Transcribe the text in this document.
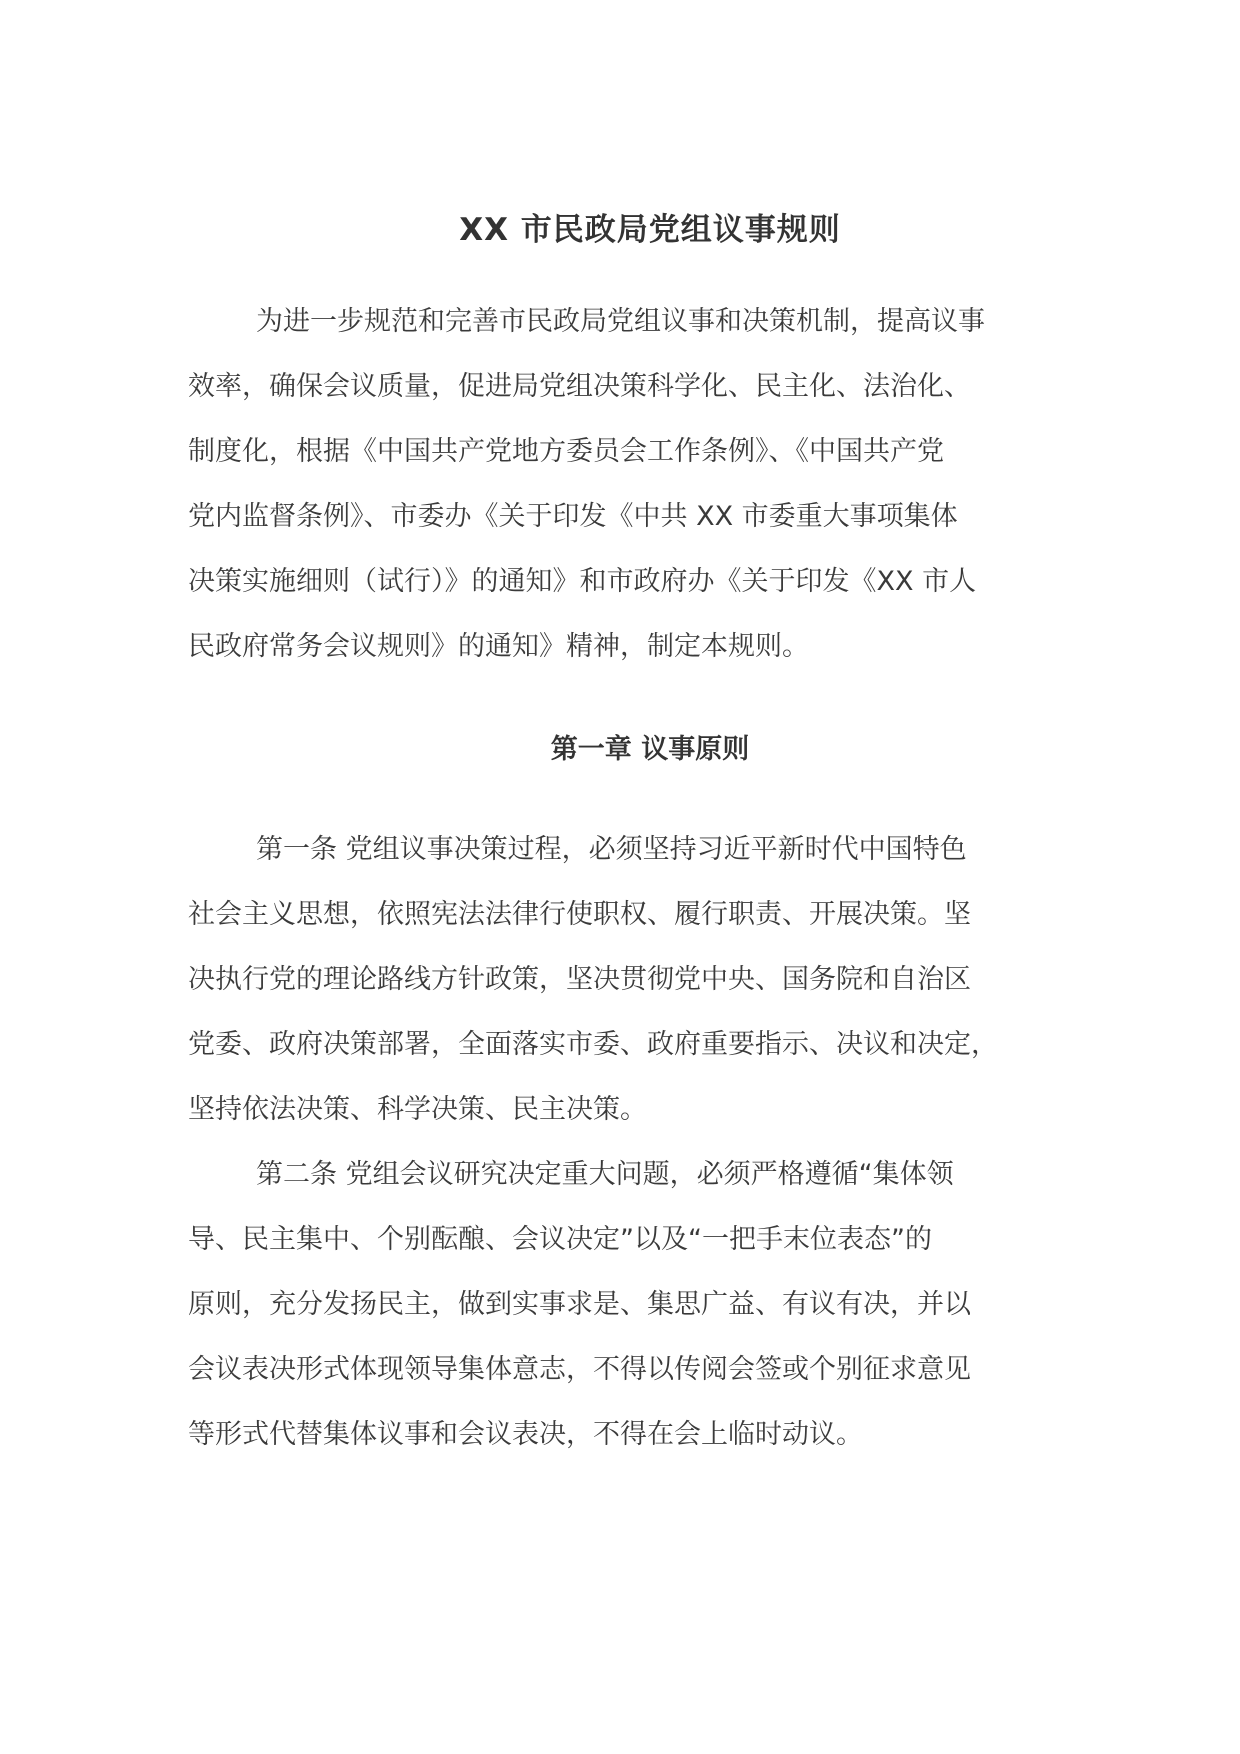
XX 市民政局党组议事规则
为进一步规范和完善市民政局党组议事和决策机制，提高议事
效率，确保会议质量，促进局党组决策科学化、民主化、法治化、
制度化，根据《中国共产党地方委员会工作条例》、《中国共产党
党内监督条例》、市委办《关于印发《中共 XX 市委重大事项集体
决策实施细则（试行）》的通知》和市政府办《关于印发《XX 市人
民政府常务会议规则》的通知》精神，制定本规则。
第一章 议事原则
第一条 党组议事决策过程，必须坚持习近平新时代中国特色
社会主义思想，依照宪法法律行使职权、履行职责、开展决策。坚
决执行党的理论路线方针政策，坚决贯彻党中央、国务院和自治区
党委、政府决策部署，全面落实市委、政府重要指示、决议和决定，
坚持依法决策、科学决策、民主决策。
第二条 党组会议研究决定重大问题，必须严格遵循“集体领
导、民主集中、个别酝酿、会议决定”以及“一把手末位表态”的
原则，充分发扬民主，做到实事求是、集思广益、有议有决，并以
会议表决形式体现领导集体意志，不得以传阅会签或个别征求意见
等形式代替集体议事和会议表决，不得在会上临时动议。
